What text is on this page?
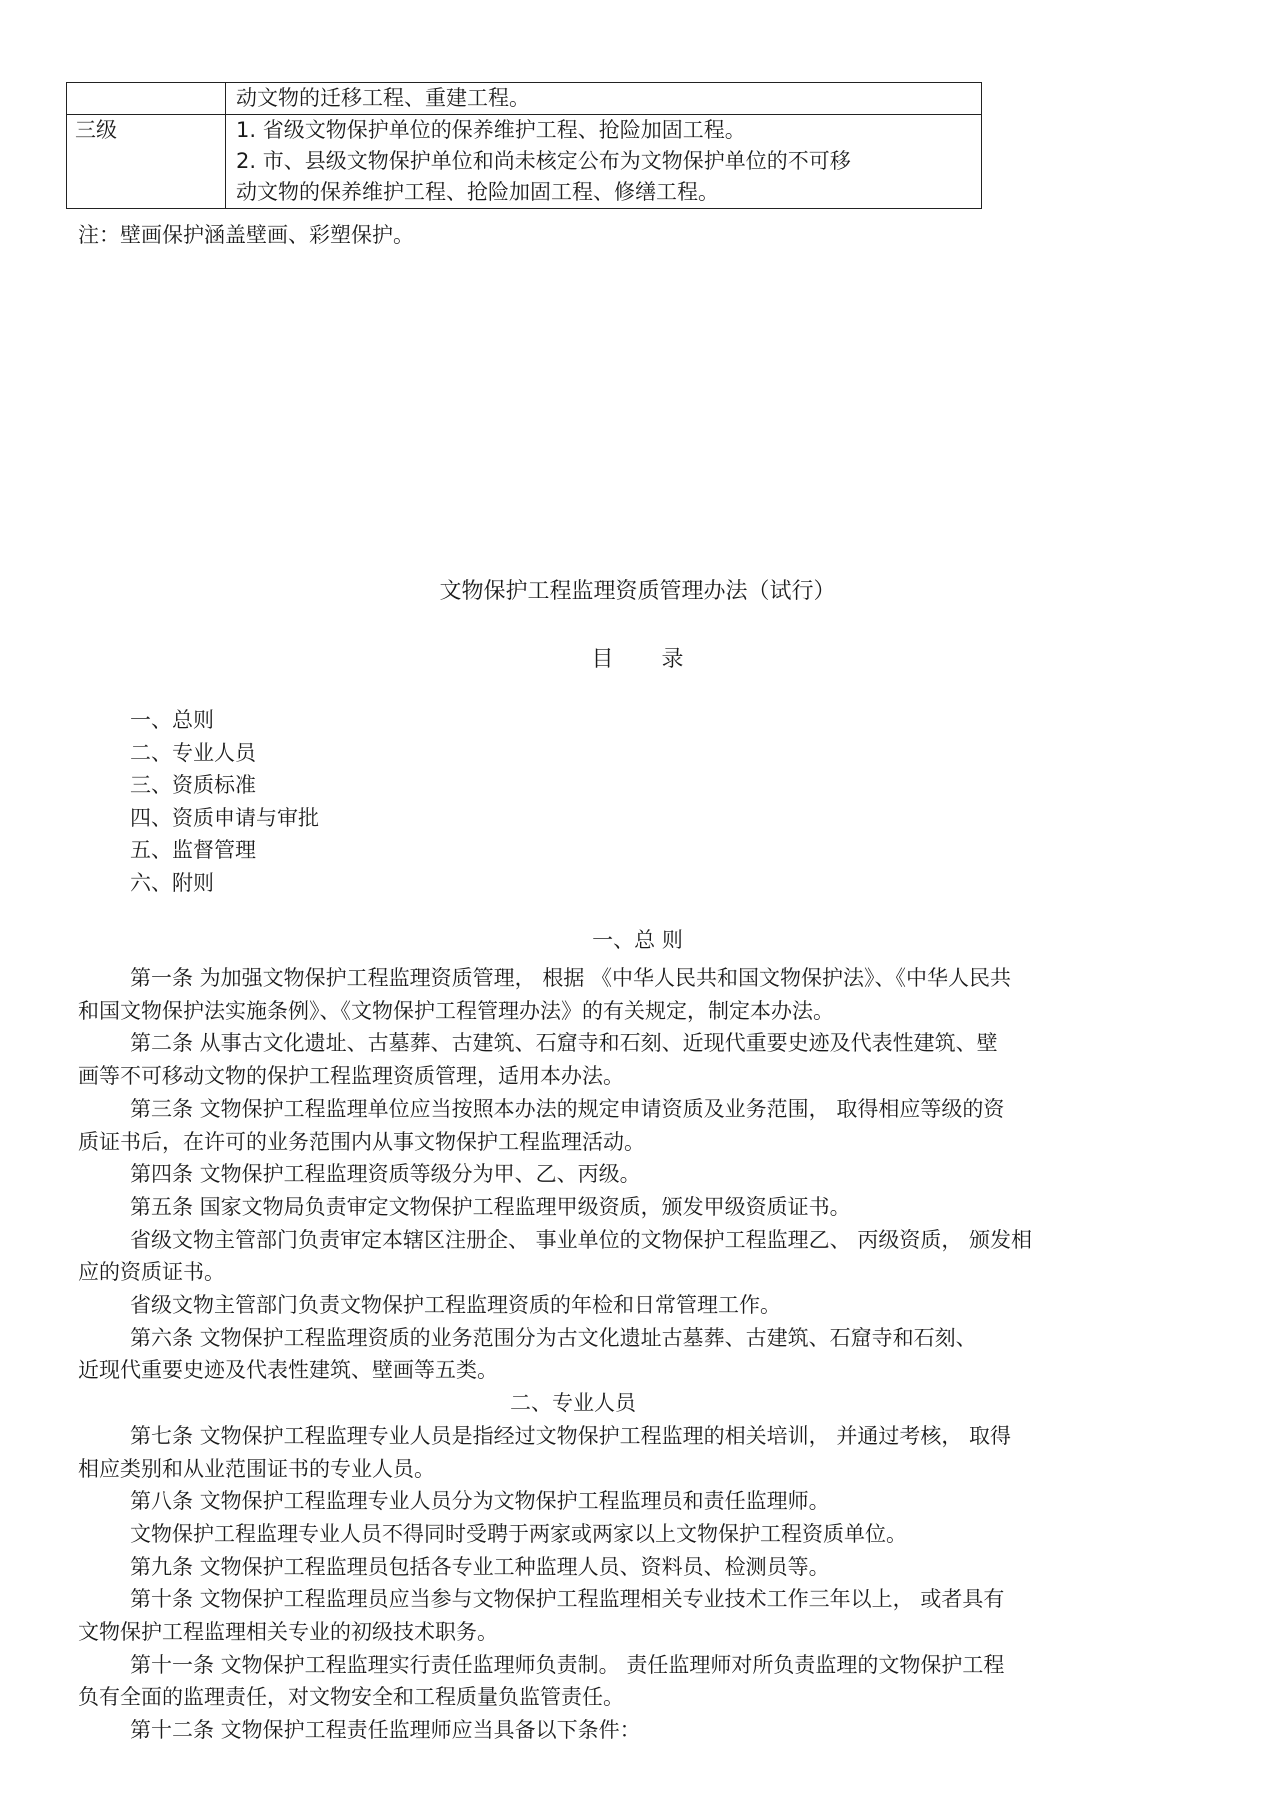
	动文物的迁移工程、重建工程。

三级	1. 省级文物保护单位的保养维护工程、抢险加固工程。
2. 市、县级文物保护单位和尚未核定公布为文物保护单位的不可移
动文物的保养维护工程、抢险加固工程、修缮工程。
注：壁画保护涵盖壁画、彩塑保护。
文物保护工程监理资质管理办法（试行）
目录
一、总则
二、专业人员
三、资质标准
四、资质申请与审批
五、监督管理
六、附则
一、总 则
第一条 为加强文物保护工程监理资质管理， 根据 《中华人民共和国文物保护法》、《中华人民共
和国文物保护法实施条例》、《文物保护工程管理办法》的有关规定，制定本办法。
第二条 从事古文化遗址、古墓葬、古建筑、石窟寺和石刻、近现代重要史迹及代表性建筑、壁
画等不可移动文物的保护工程监理资质管理，适用本办法。
第三条 文物保护工程监理单位应当按照本办法的规定申请资质及业务范围， 取得相应等级的资
质证书后，在许可的业务范围内从事文物保护工程监理活动。
第四条 文物保护工程监理资质等级分为甲、乙、丙级。
第五条 国家文物局负责审定文物保护工程监理甲级资质，颁发甲级资质证书。
省级文物主管部门负责审定本辖区注册企、 事业单位的文物保护工程监理乙、 丙级资质， 颁发相
应的资质证书。
省级文物主管部门负责文物保护工程监理资质的年检和日常管理工作。
第六条 文物保护工程监理资质的业务范围分为古文化遗址古墓葬、古建筑、石窟寺和石刻、
近现代重要史迹及代表性建筑、壁画等五类。
二、专业人员
第七条 文物保护工程监理专业人员是指经过文物保护工程监理的相关培训， 并通过考核， 取得
相应类别和从业范围证书的专业人员。
第八条 文物保护工程监理专业人员分为文物保护工程监理员和责任监理师。
文物保护工程监理专业人员不得同时受聘于两家或两家以上文物保护工程资质单位。
第九条 文物保护工程监理员包括各专业工种监理人员、资料员、检测员等。
第十条 文物保护工程监理员应当参与文物保护工程监理相关专业技术工作三年以上， 或者具有
文物保护工程监理相关专业的初级技术职务。
第十一条 文物保护工程监理实行责任监理师负责制。 责任监理师对所负责监理的文物保护工程
负有全面的监理责任，对文物安全和工程质量负监管责任。
第十二条 文物保护工程责任监理师应当具备以下条件：
